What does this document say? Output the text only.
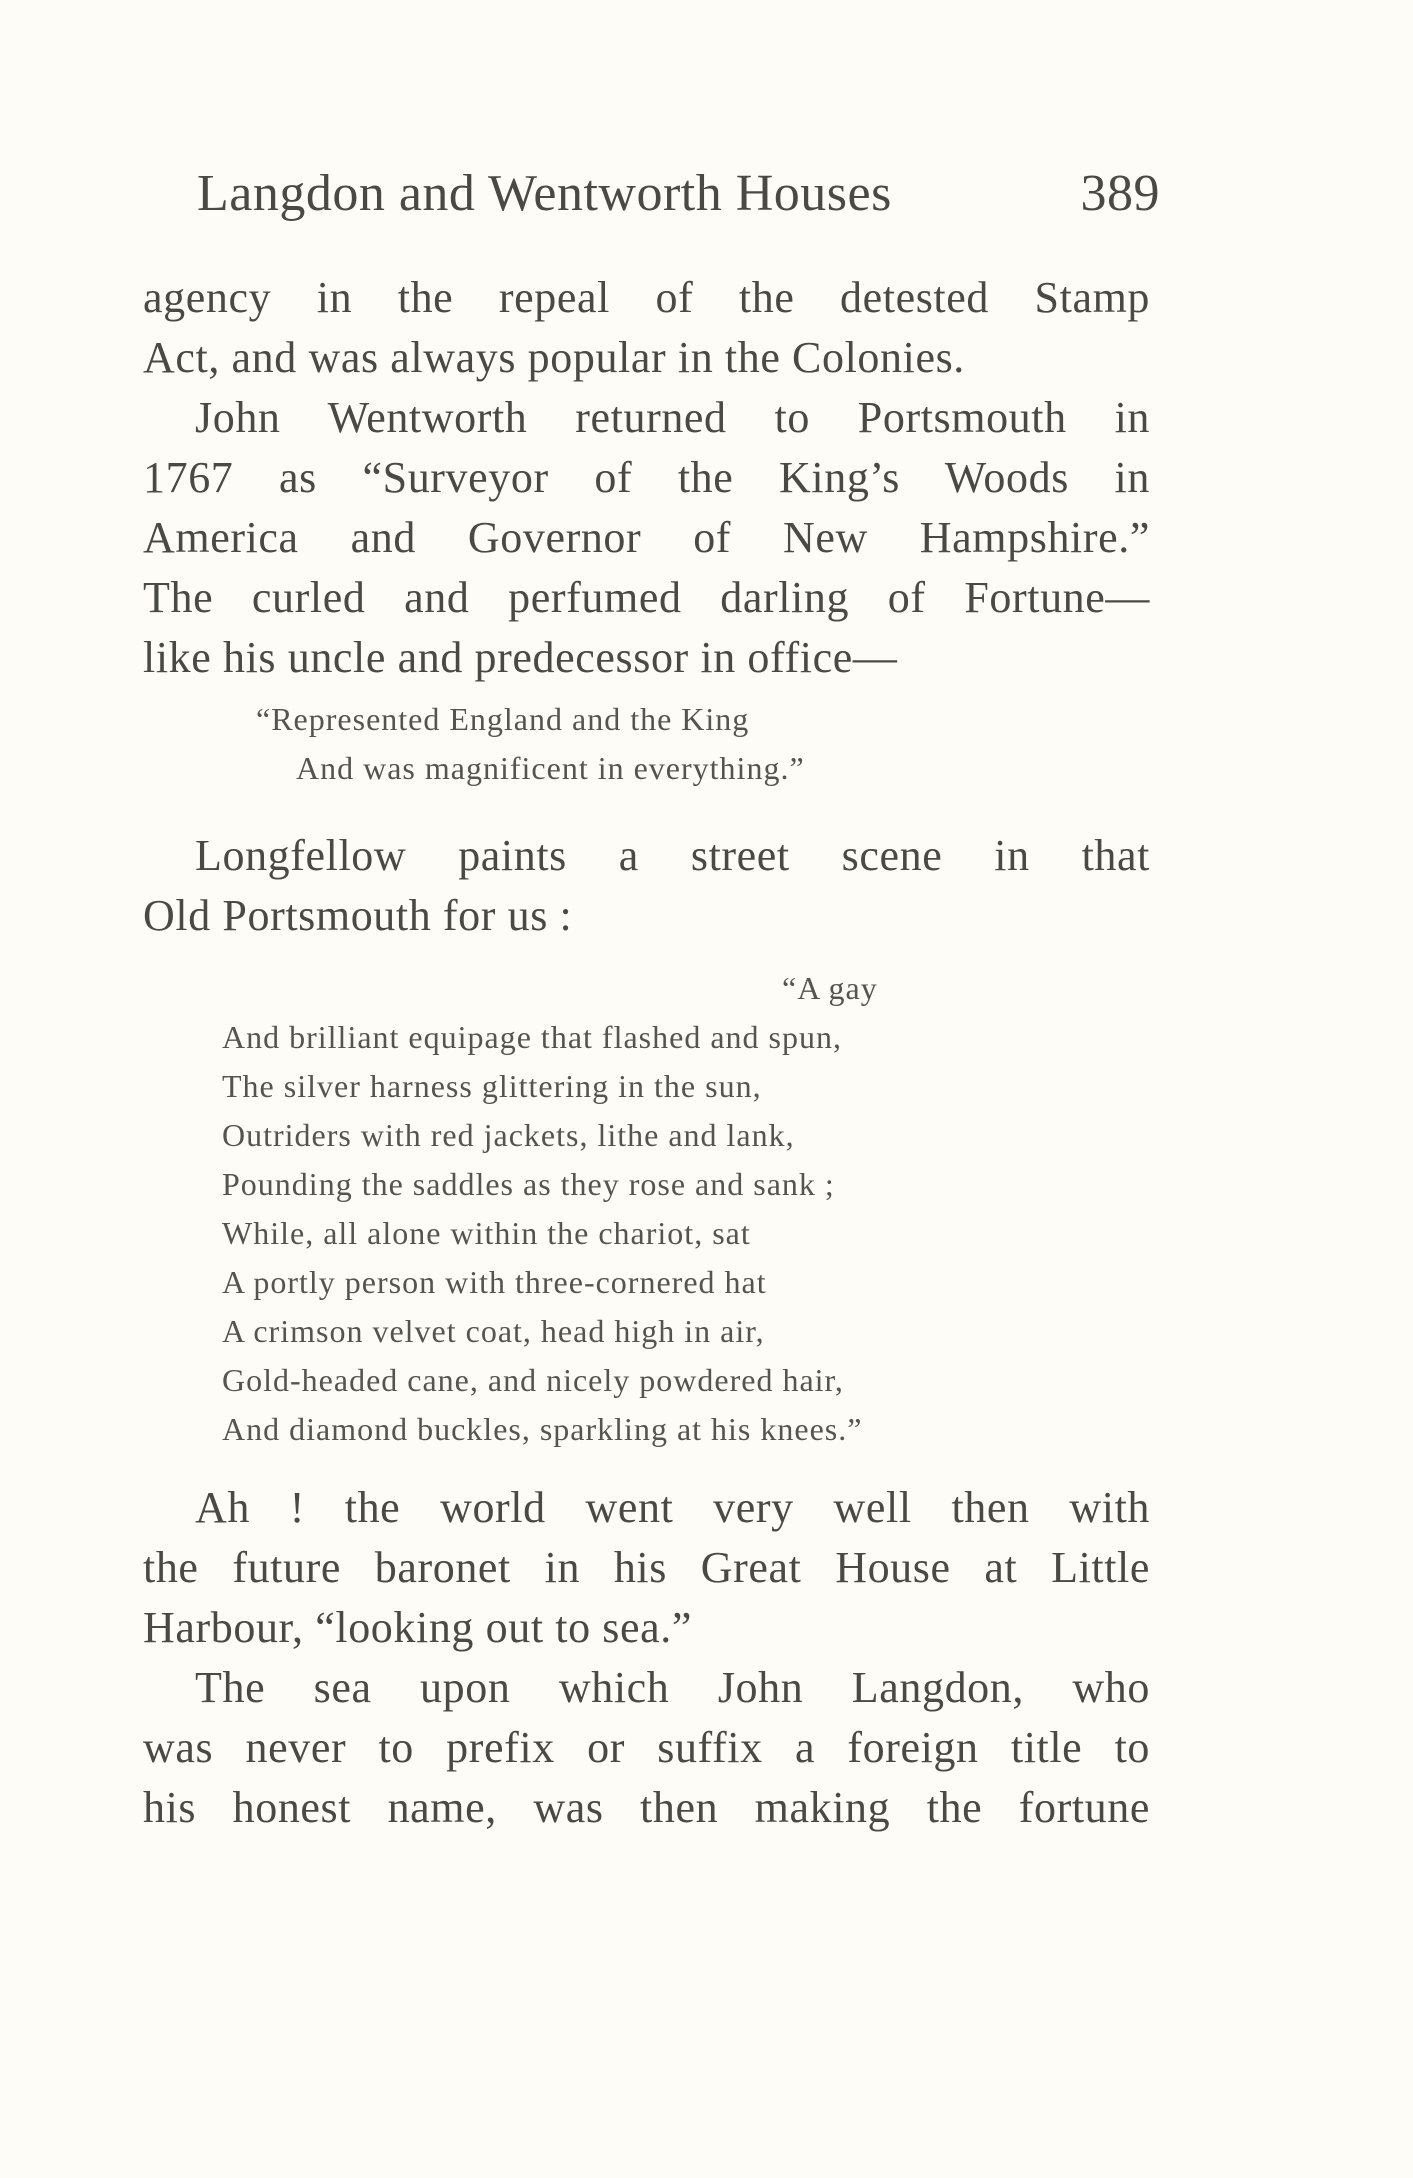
Langdon and Wentworth Houses	389
agency in the repeal of the detested Stamp
Act, and was always popular in the Colonies.
John Wentworth returned to Portsmouth in
1767 as “Surveyor of the King’s Woods in
America and Governor of New Hampshire.”
The curled and perfumed darling of Fortune—
like his uncle and predecessor in office—
“Represented England and the King
And was magnificent in everything.”
Longfellow paints a street scene in that
Old Portsmouth for us :
“A gay
And brilliant equipage that flashed and spun,
The silver harness glittering in the sun,
Outriders with red jackets, lithe and lank,
Pounding the saddles as they rose and sank ;
While, all alone within the chariot, sat
A portly person with three-cornered hat
A crimson velvet coat, head high in air,
Gold-headed cane, and nicely powdered hair,
And diamond buckles, sparkling at his knees.”
Ah ! the world went very well then with
the future baronet in his Great House at Little
Harbour, “looking out to sea.”
The sea upon which John Langdon, who
was never to prefix or suffix a foreign title to
his honest name, was then making the fortune
